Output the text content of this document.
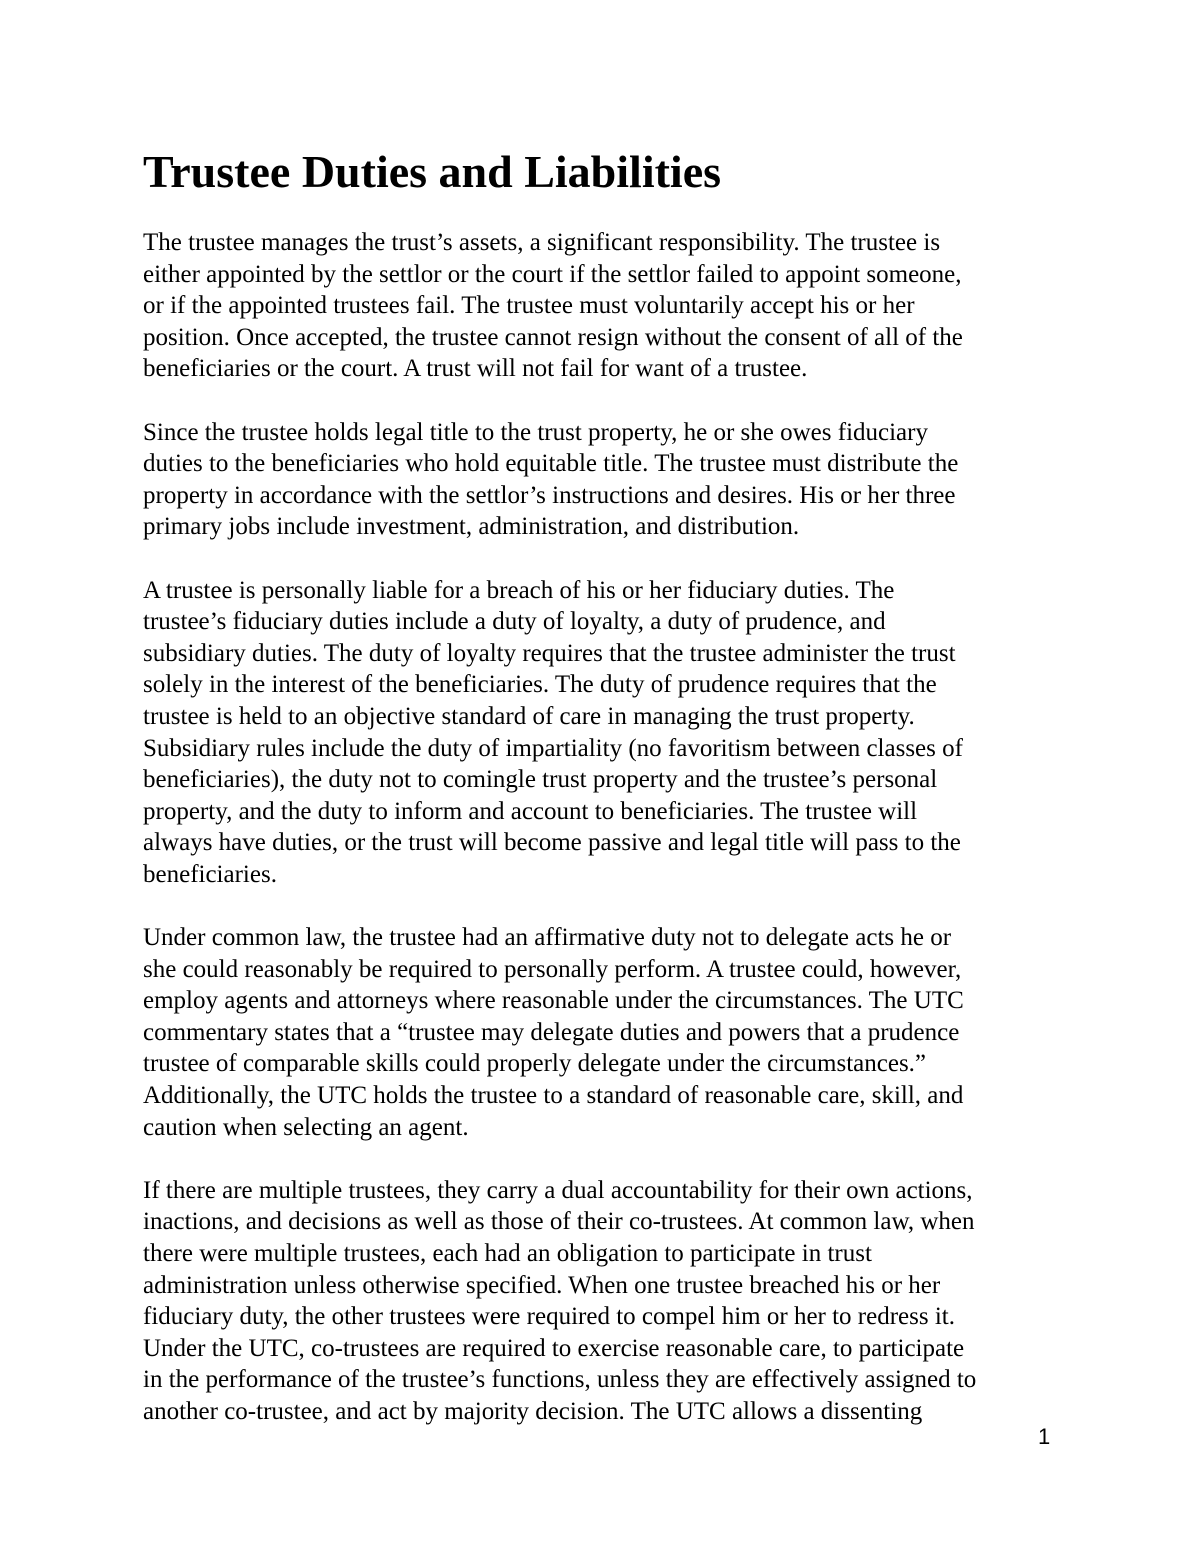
Trustee Duties and Liabilities

The trustee manages the trust’s assets, a significant responsibility. The trustee is
either appointed by the settlor or the court if the settlor failed to appoint someone,
or if the appointed trustees fail. The trustee must voluntarily accept his or her
position. Once accepted, the trustee cannot resign without the consent of all of the
beneficiaries or the court. A trust will not fail for want of a trustee.

Since the trustee holds legal title to the trust property, he or she owes fiduciary
duties to the beneficiaries who hold equitable title. The trustee must distribute the
property in accordance with the settlor’s instructions and desires. His or her three
primary jobs include investment, administration, and distribution.

A trustee is personally liable for a breach of his or her fiduciary duties. The
trustee’s fiduciary duties include a duty of loyalty, a duty of prudence, and
subsidiary duties. The duty of loyalty requires that the trustee administer the trust
solely in the interest of the beneficiaries. The duty of prudence requires that the
trustee is held to an objective standard of care in managing the trust property.
Subsidiary rules include the duty of impartiality (no favoritism between classes of
beneficiaries), the duty not to comingle trust property and the trustee’s personal
property, and the duty to inform and account to beneficiaries. The trustee will
always have duties, or the trust will become passive and legal title will pass to the
beneficiaries.

Under common law, the trustee had an affirmative duty not to delegate acts he or
she could reasonably be required to personally perform. A trustee could, however,
employ agents and attorneys where reasonable under the circumstances. The UTC
commentary states that a “trustee may delegate duties and powers that a prudence
trustee of comparable skills could properly delegate under the circumstances.”
Additionally, the UTC holds the trustee to a standard of reasonable care, skill, and
caution when selecting an agent.

If there are multiple trustees, they carry a dual accountability for their own actions,
inactions, and decisions as well as those of their co-trustees. At common law, when
there were multiple trustees, each had an obligation to participate in trust
administration unless otherwise specified. When one trustee breached his or her
fiduciary duty, the other trustees were required to compel him or her to redress it.
Under the UTC, co-trustees are required to exercise reasonable care, to participate
in the performance of the trustee’s functions, unless they are effectively assigned to
another co-trustee, and act by majority decision. The UTC allows a dissenting

1
